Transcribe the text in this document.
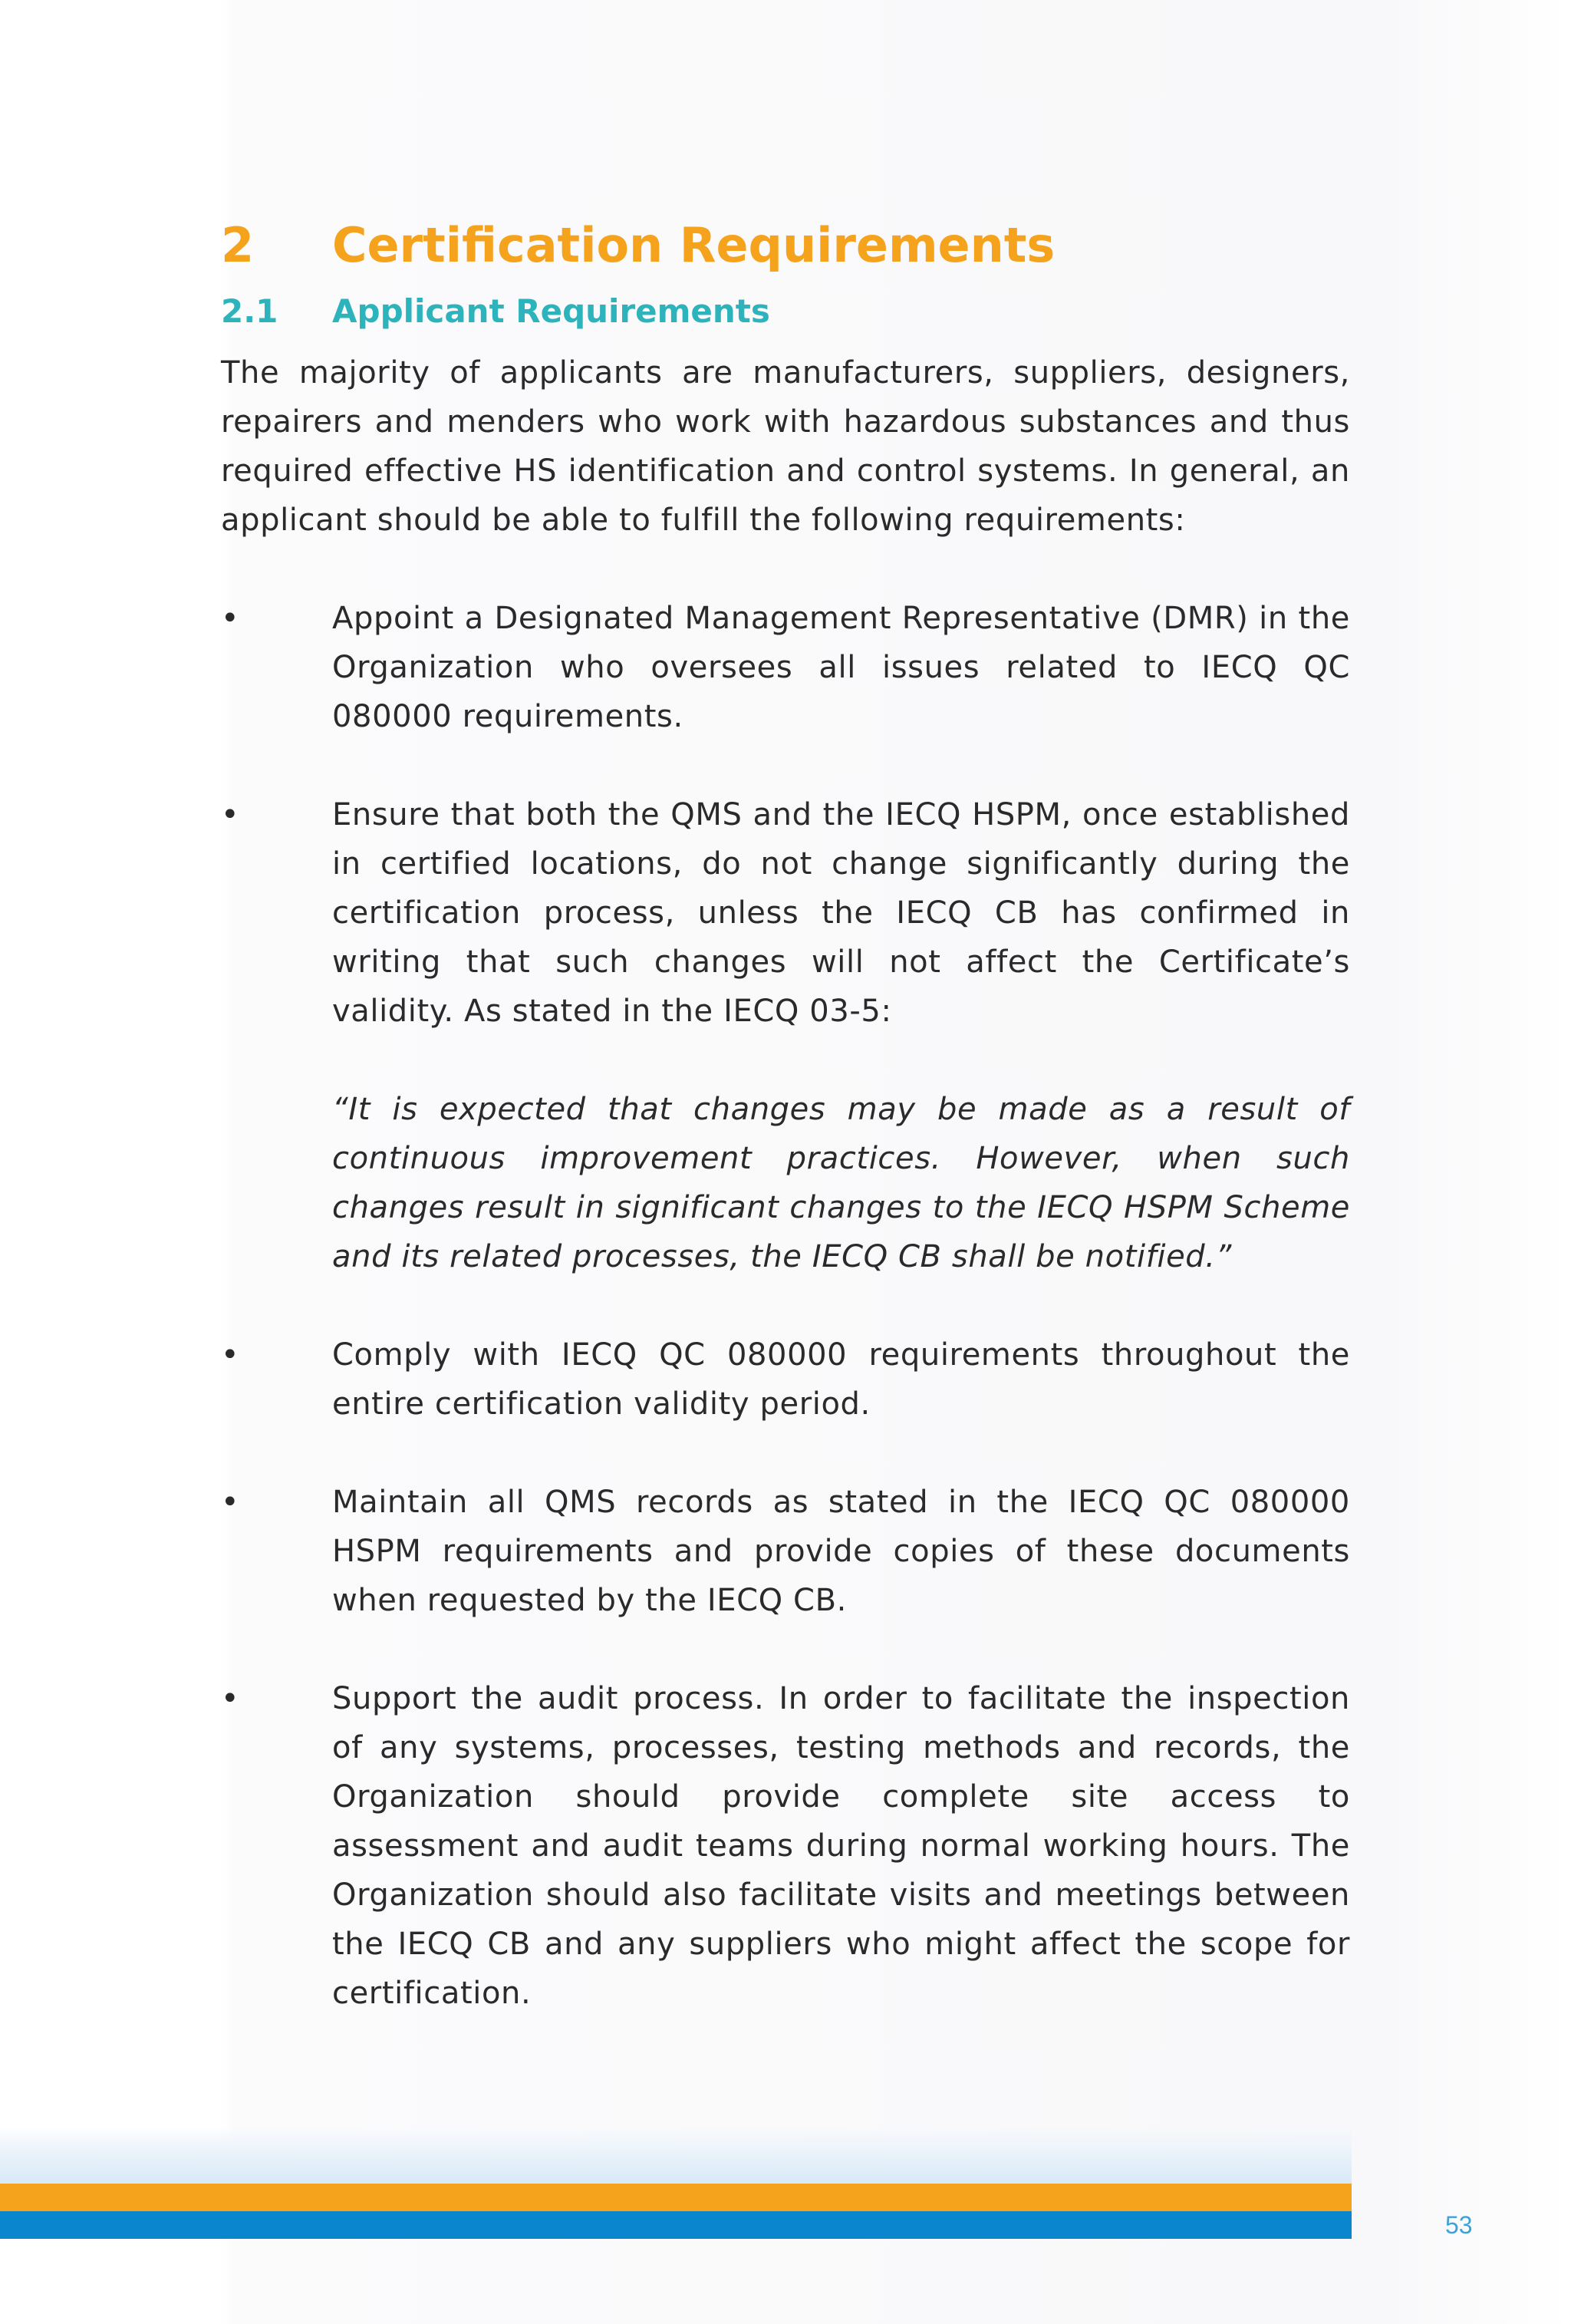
2	Certification Requirements
2.1	Applicant Requirements

The majority of applicants are manufacturers, suppliers, designers, repairers and menders who work with hazardous substances and thus required effective HS identification and control systems. In general, an applicant should be able to fulfill the following requirements:

•	Appoint a Designated Management Representative (DMR) in the Organization who oversees all issues related to IECQ QC 080000 requirements.
•	Ensure that both the QMS and the IECQ HSPM, once established in certified locations, do not change significantly during the certification process, unless the IECQ CB has confirmed in writing that such changes will not affect the Certificate’s validity. As stated in the IECQ 03-5:
“It is expected that changes may be made as a result of continuous improvement practices. However, when such changes result in significant changes to the IECQ HSPM Scheme and its related processes, the IECQ CB shall be notified.”
•	Comply with IECQ QC 080000 requirements throughout the entire certification validity period.
•	Maintain all QMS records as stated in the IECQ QC 080000 HSPM requirements and provide copies of these documents when requested by the IECQ CB.
•	Support the audit process. In order to facilitate the inspection of any systems, processes, testing methods and records, the Organization should provide complete site access to assessment and audit teams during normal working hours. The Organization should also facilitate visits and meetings between the IECQ CB and any suppliers who might affect the scope for certification.
53
